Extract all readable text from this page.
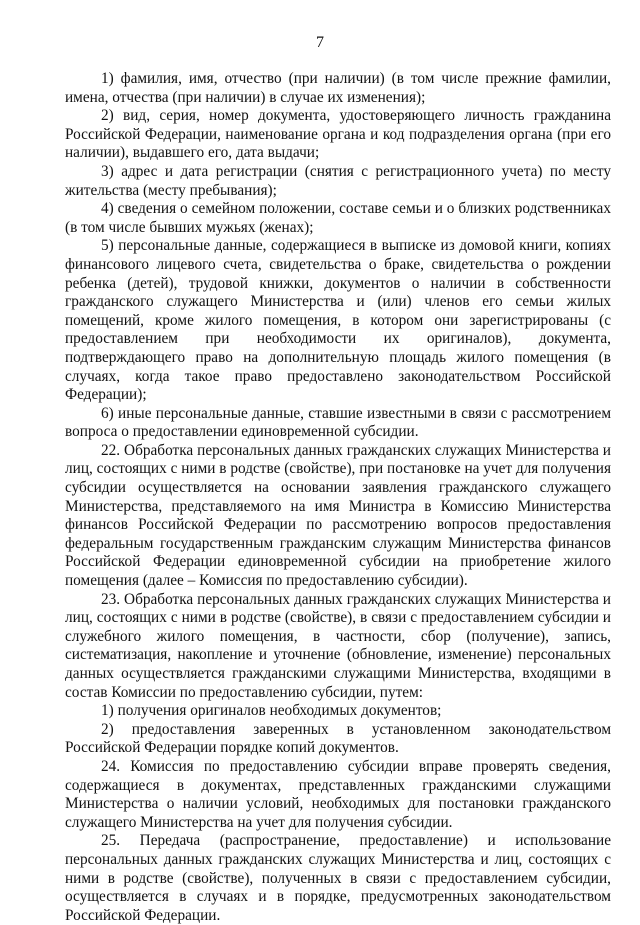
7

1) фамилия, имя, отчество (при наличии) (в том числе прежние фамилии, имена, отчества (при наличии) в случае их изменения);

2) вид, серия, номер документа, удостоверяющего личность гражданина Российской Федерации, наименование органа и код подразделения органа (при его наличии), выдавшего его, дата выдачи;

3) адрес и дата регистрации (снятия с регистрационного учета) по месту жительства (месту пребывания);

4) сведения о семейном положении, составе семьи и о близких родственниках (в том числе бывших мужьях (женах);

5) персональные данные, содержащиеся в выписке из домовой книги, копиях финансового лицевого счета, свидетельства о браке, свидетельства о рождении ребенка (детей), трудовой книжки, документов о наличии в собственности гражданского служащего Министерства и (или) членов его семьи жилых помещений, кроме жилого помещения, в котором они зарегистрированы (с предоставлением при необходимости их оригиналов), документа, подтверждающего право на дополнительную площадь жилого помещения (в случаях, когда такое право предоставлено законодательством Российской Федерации);

6) иные персональные данные, ставшие известными в связи с рассмотрением вопроса о предоставлении единовременной субсидии.

22. Обработка персональных данных гражданских служащих Министерства и лиц, состоящих с ними в родстве (свойстве), при постановке на учет для получения субсидии осуществляется на основании заявления гражданского служащего Министерства, представляемого на имя Министра в Комиссию Министерства финансов Российской Федерации по рассмотрению вопросов предоставления федеральным государственным гражданским служащим Министерства финансов Российской Федерации единовременной субсидии на приобретение жилого помещения (далее – Комиссия по предоставлению субсидии).

23. Обработка персональных данных гражданских служащих Министерства и лиц, состоящих с ними в родстве (свойстве), в связи с предоставлением субсидии и служебного жилого помещения, в частности, сбор (получение), запись, систематизация, накопление и уточнение (обновление, изменение) персональных данных осуществляется гражданскими служащими Министерства, входящими в состав Комиссии по предоставлению субсидии, путем:

1) получения оригиналов необходимых документов;

2) предоставления заверенных в установленном законодательством Российской Федерации порядке копий документов.

24. Комиссия по предоставлению субсидии вправе проверять сведения, содержащиеся в документах, представленных гражданскими служащими Министерства о наличии условий, необходимых для постановки гражданского служащего Министерства на учет для получения субсидии.

25. Передача (распространение, предоставление) и использование персональных данных гражданских служащих Министерства и лиц, состоящих с ними в родстве (свойстве), полученных в связи с предоставлением субсидии, осуществляется в случаях и в порядке, предусмотренных законодательством Российской Федерации.
